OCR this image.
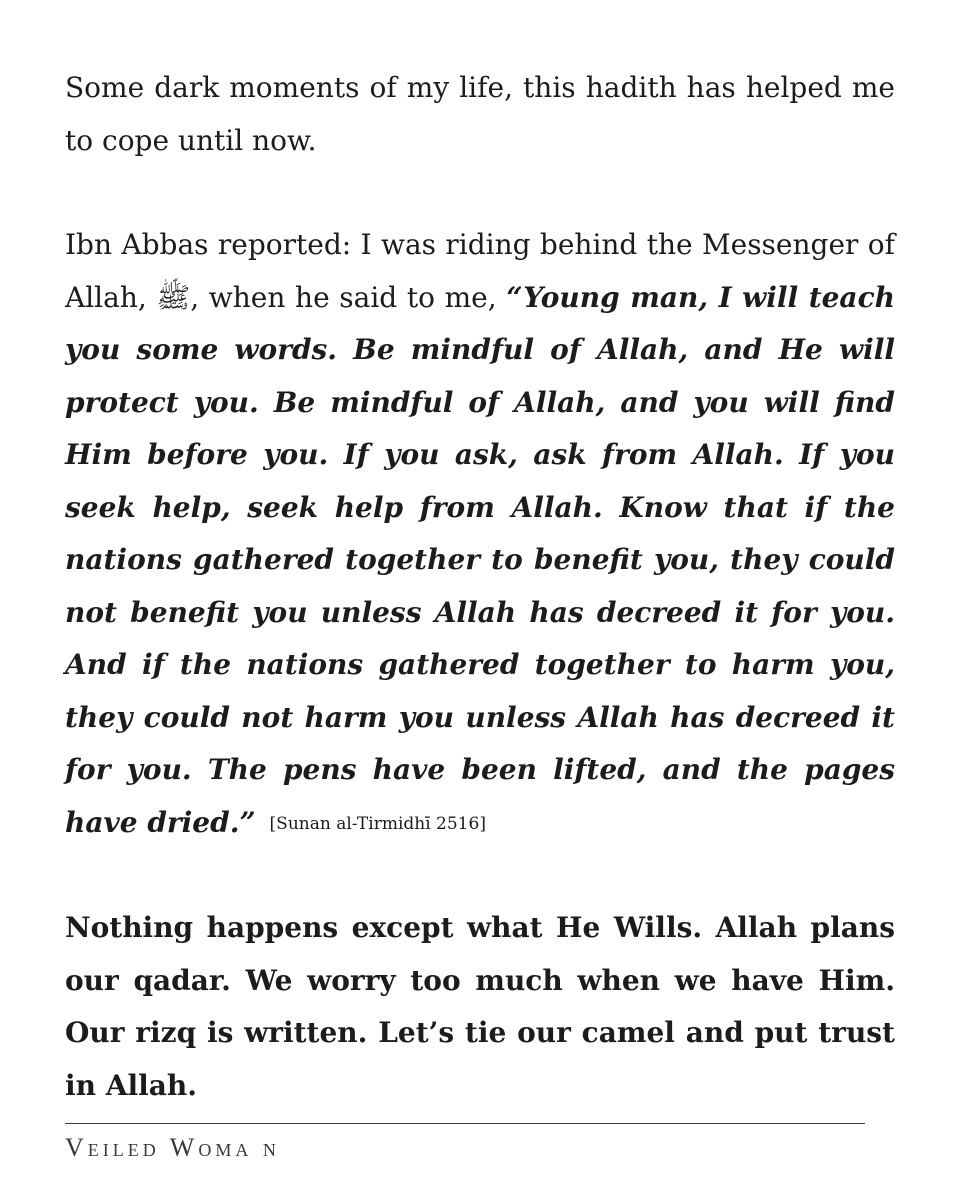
Some dark moments of my life, this hadith has helped me to cope until now.

Ibn Abbas reported: I was riding behind the Messenger of Allah, ﷺ, when he said to me, “Young man, I will teach you some words. Be mindful of Allah, and He will protect you. Be mindful of Allah, and you will find Him before you. If you ask, ask from Allah. If you seek help, seek help from Allah. Know that if the nations gathered together to benefit you, they could not benefit you unless Allah has decreed it for you. And if the nations gathered together to harm you, they could not harm you unless Allah has decreed it for you. The pens have been lifted, and the pages have dried.” [Sunan al-Tirmidhī 2516]

Nothing happens except what He Wills. Allah plans our qadar. We worry too much when we have Him. Our rizq is written. Let’s tie our camel and put trust in Allah.

Veiled Woma n
